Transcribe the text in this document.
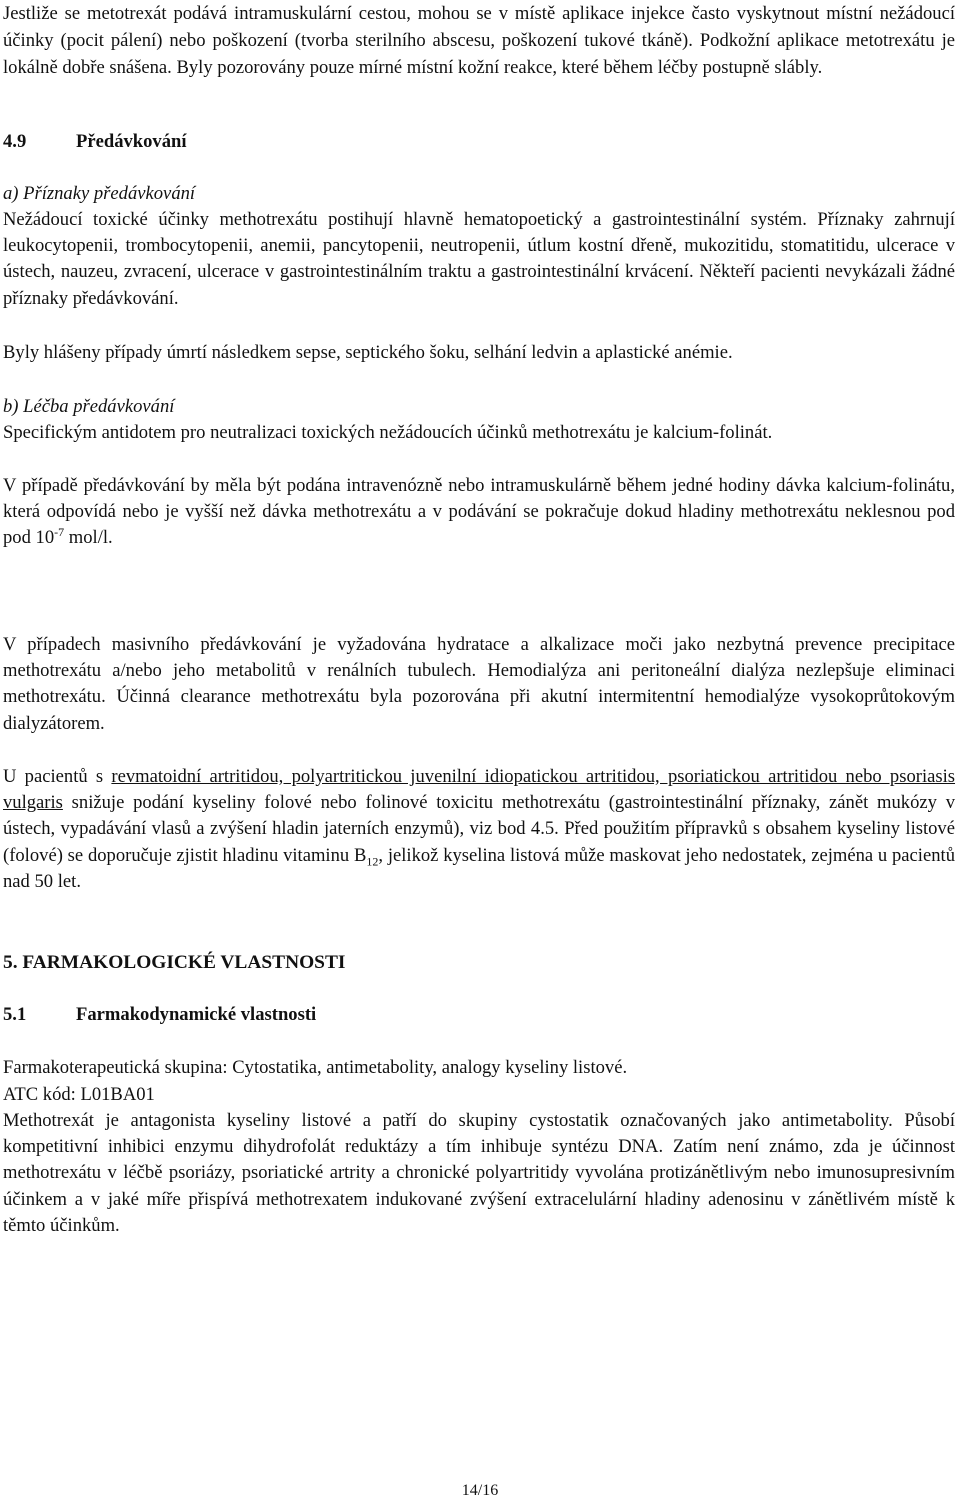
Jestliže se metotrexát podává intramuskulární cestou, mohou se v místě aplikace injekce často vyskytnout místní nežádoucí účinky (pocit pálení) nebo poškození (tvorba sterilního abscesu, poškození tukové tkáně). Podkožní aplikace metotrexátu je lokálně dobře snášena. Byly pozorovány pouze mírné místní kožní reakce, které během léčby postupně slábly.

4.9	Předávkování
a) Příznaky předávkování

Nežádoucí toxické účinky methotrexátu postihují hlavně hematopoetický a gastrointestinální systém. Příznaky zahrnují leukocytopenii, trombocytopenii, anemii, pancytopenii, neutropenii, útlum kostní dřeně, mukozitidu, stomatitidu, ulcerace v ústech, nauzeu, zvracení, ulcerace v gastrointestinálním traktu a gastrointestinální krvácení. Někteří pacienti nevykázali žádné příznaky předávkování.

Byly hlášeny případy úmrtí následkem sepse, septického šoku, selhání ledvin a aplastické anémie.

b) Léčba předávkování

Specifickým antidotem pro neutralizaci toxických nežádoucích účinků methotrexátu je kalcium-folinát.

V případě předávkování by měla být podána intravenózně nebo intramuskulárně během jedné hodiny dávka kalcium-folinátu, která odpovídá nebo je vyšší než dávka methotrexátu a v podávání se pokračuje dokud hladiny methotrexátu neklesnou pod pod $10^{-7}$ mol/l.

V případech masivního předávkování je vyžadována hydratace a alkalizace moči jako nezbytná prevence precipitace methotrexátu a/nebo jeho metabolitů v renálních tubulech. Hemodialýza ani peritoneální dialýza nezlepšuje eliminaci methotrexátu. Účinná clearance methotrexátu byla pozorována při akutní intermitentní hemodialýze vysokoprůtokovým dialyzátorem.

U pacientů s revmatoidní artritidou, polyartritickou juvenilní idiopatickou artritidou, psoriatickou artritidou nebo psoriasis vulgaris snižuje podání kyseliny folové nebo folinové toxicitu methotrexátu (gastrointestinální příznaky, zánět mukózy v ústech, vypadávání vlasů a zvýšení hladin jaterních enzymů), viz bod 4.5. Před použitím přípravků s obsahem kyseliny listové (folové) se doporučuje zjistit hladinu vitaminu $B_{12}$, jelikož kyselina listová může maskovat jeho nedostatek, zejména u pacientů nad 50 let.

5. FARMAKOLOGICKÉ VLASTNOSTI
5.1	Farmakodynamické vlastnosti

Farmakoterapeutická skupina: Cytostatika, antimetabolity, analogy kyseliny listové.

ATC kód: L01BA01

Methotrexát je antagonista kyseliny listové a patří do skupiny cystostatik označovaných jako antimetabolity. Působí kompetitivní inhibici enzymu dihydrofolát reduktázy a tím inhibuje syntézu DNA. Zatím není známo, zda je účinnost methotrexátu v léčbě psoriázy, psoriatické artrity a chronické polyartritidy vyvolána protizánětlivým nebo imunosupresivním účinkem a v jaké míře přispívá methotrexatem indukované zvýšení extracelulární hladiny adenosinu v zánětlivém místě k těmto účinkům.

14/16
